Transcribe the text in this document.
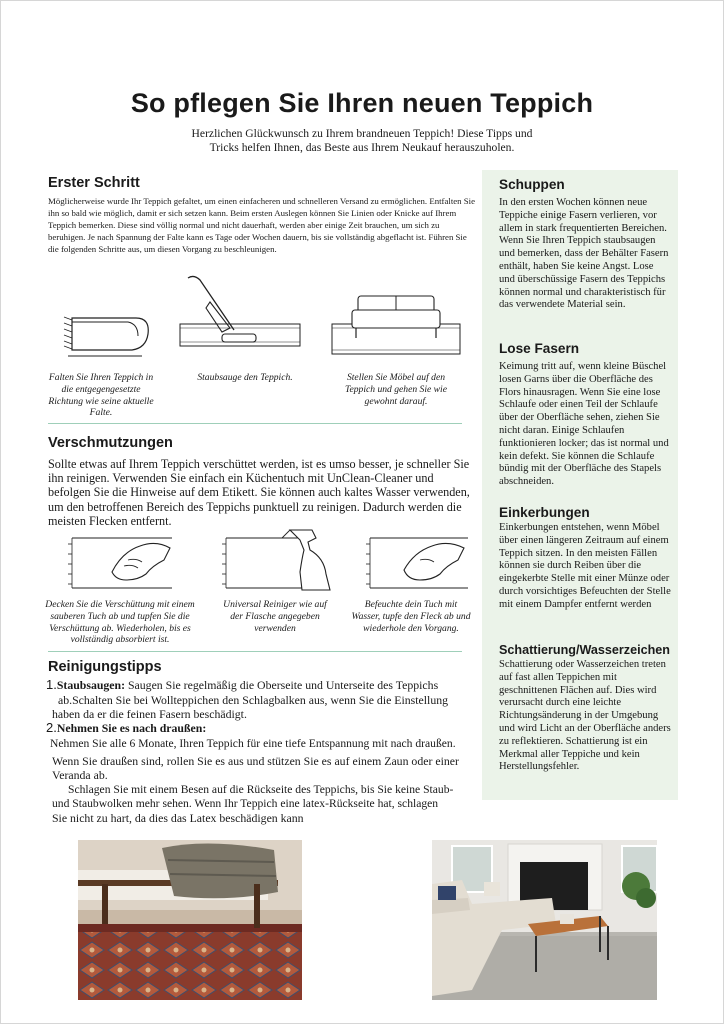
So pflegen Sie Ihren neuen Teppich
Herzlichen Glückwunsch zu Ihrem brandneuen Teppich! Diese Tipps und Tricks helfen Ihnen, das Beste aus Ihrem Neukauf herauszuholen.
Erster Schritt
Möglicherweise wurde Ihr Teppich gefaltet, um einen einfacheren und schnelleren Versand zu ermöglichen. Entfalten Sie ihn so bald wie möglich, damit er sich setzen kann. Beim ersten Auslegen können Sie Linien oder Knicke auf Ihrem Teppich bemerken. Diese sind völlig normal und nicht dauerhaft, werden aber einige Zeit brauchen, um sich zu beruhigen. Je nach Spannung der Falte kann es Tage oder Wochen dauern, bis sie vollständig abgeflacht ist. Führen Sie die folgenden Schritte aus, um diesen Vorgang zu beschleunigen.
Falten Sie Ihren Teppich in die entgegengesetzte Richtung wie seine aktuelle Falte.
Staubsauge den Teppich.	Stellen Sie Möbel auf den Teppich und gehen Sie wie gewohnt darauf.
Verschmutzungen
Sollte etwas auf Ihrem Teppich verschüttet werden, ist es umso besser, je schneller Sie ihn reinigen. Verwenden Sie einfach ein Küchentuch mit UnClean-Cleaner und befolgen Sie die Hinweise auf dem Etikett. Sie können auch kaltes Wasser verwenden, um den betroffenen Bereich des Teppichs punktuell zu reinigen. Dadurch werden die meisten Flecken entfernt.
Decken Sie die Verschüttung mit einem sauberen Tuch ab und tupfen Sie die Verschüttung ab. Wiederholen, bis es vollständig absorbiert ist.
Universal Reiniger wie auf der Flasche angegeben verwenden
Befeuchte dein Tuch mit Wasser, tupfe den Fleck ab und wiederhole den Vorgang.
Reinigungstipps
1.Staubsaugen: Saugen Sie regelmäßig die Oberseite und Unterseite des Teppichs
ab.Schalten Sie bei Wollteppichen den Schlagbalken aus, wenn Sie die Einstellung
haben da er die feinen Fasern beschädigt.
2.Nehmen Sie es nach draußen:
Nehmen Sie alle 6 Monate, Ihren Teppich für eine tiefe Entspannung mit nach draußen.
Wenn Sie draußen sind, rollen Sie es aus und stützen Sie es auf einem Zaun oder einer
Veranda ab.
Schlagen Sie mit einem Besen auf die Rückseite des Teppichs, bis Sie keine Staub-
und Staubwolken mehr sehen. Wenn Ihr Teppich eine latex-Rückseite hat, schlagen
Sie nicht zu hart, da dies das Latex beschädigen kann
Schuppen
In den ersten Wochen können neue Teppiche einige Fasern verlieren, vor allem in stark frequentierten Bereichen. Wenn Sie Ihren Teppich staubsaugen und bemerken, dass der Behälter Fasern enthält, haben Sie keine Angst. Lose und überschüssige Fasern des Teppichs können normal und charakteristisch für das verwendete Material sein.
Lose Fasern
Keimung tritt auf, wenn kleine Büschel losen Garns über die Oberfläche des Flors hinausragen. Wenn Sie eine lose Schlaufe oder einen Teil der Schlaufe über der Oberfläche sehen, ziehen Sie nicht daran. Einige Schlaufen funktionieren locker; das ist normal und kein defekt. Sie können die Schlaufe bündig mit der Oberfläche des Stapels abschneiden.
Einkerbungen
Einkerbungen entstehen, wenn Möbel über einen längeren Zeitraum auf einem Teppich sitzen. In den meisten Fällen können sie durch Reiben über die eingekerbte Stelle mit einer Münze oder durch vorsichtiges Befeuchten der Stelle mit einem Dampfer entfernt werden
Schattierung/Wasserzeichen
Schattierung oder Wasserzeichen treten auf fast allen Teppichen mit geschnittenen Flächen auf. Dies wird verursacht durch eine leichte Richtungsänderung in der Umgebung und wird Licht an der Oberfläche anders zu reflektieren. Schattierung ist ein Merkmal aller Teppiche und kein Herstellungsfehler.
